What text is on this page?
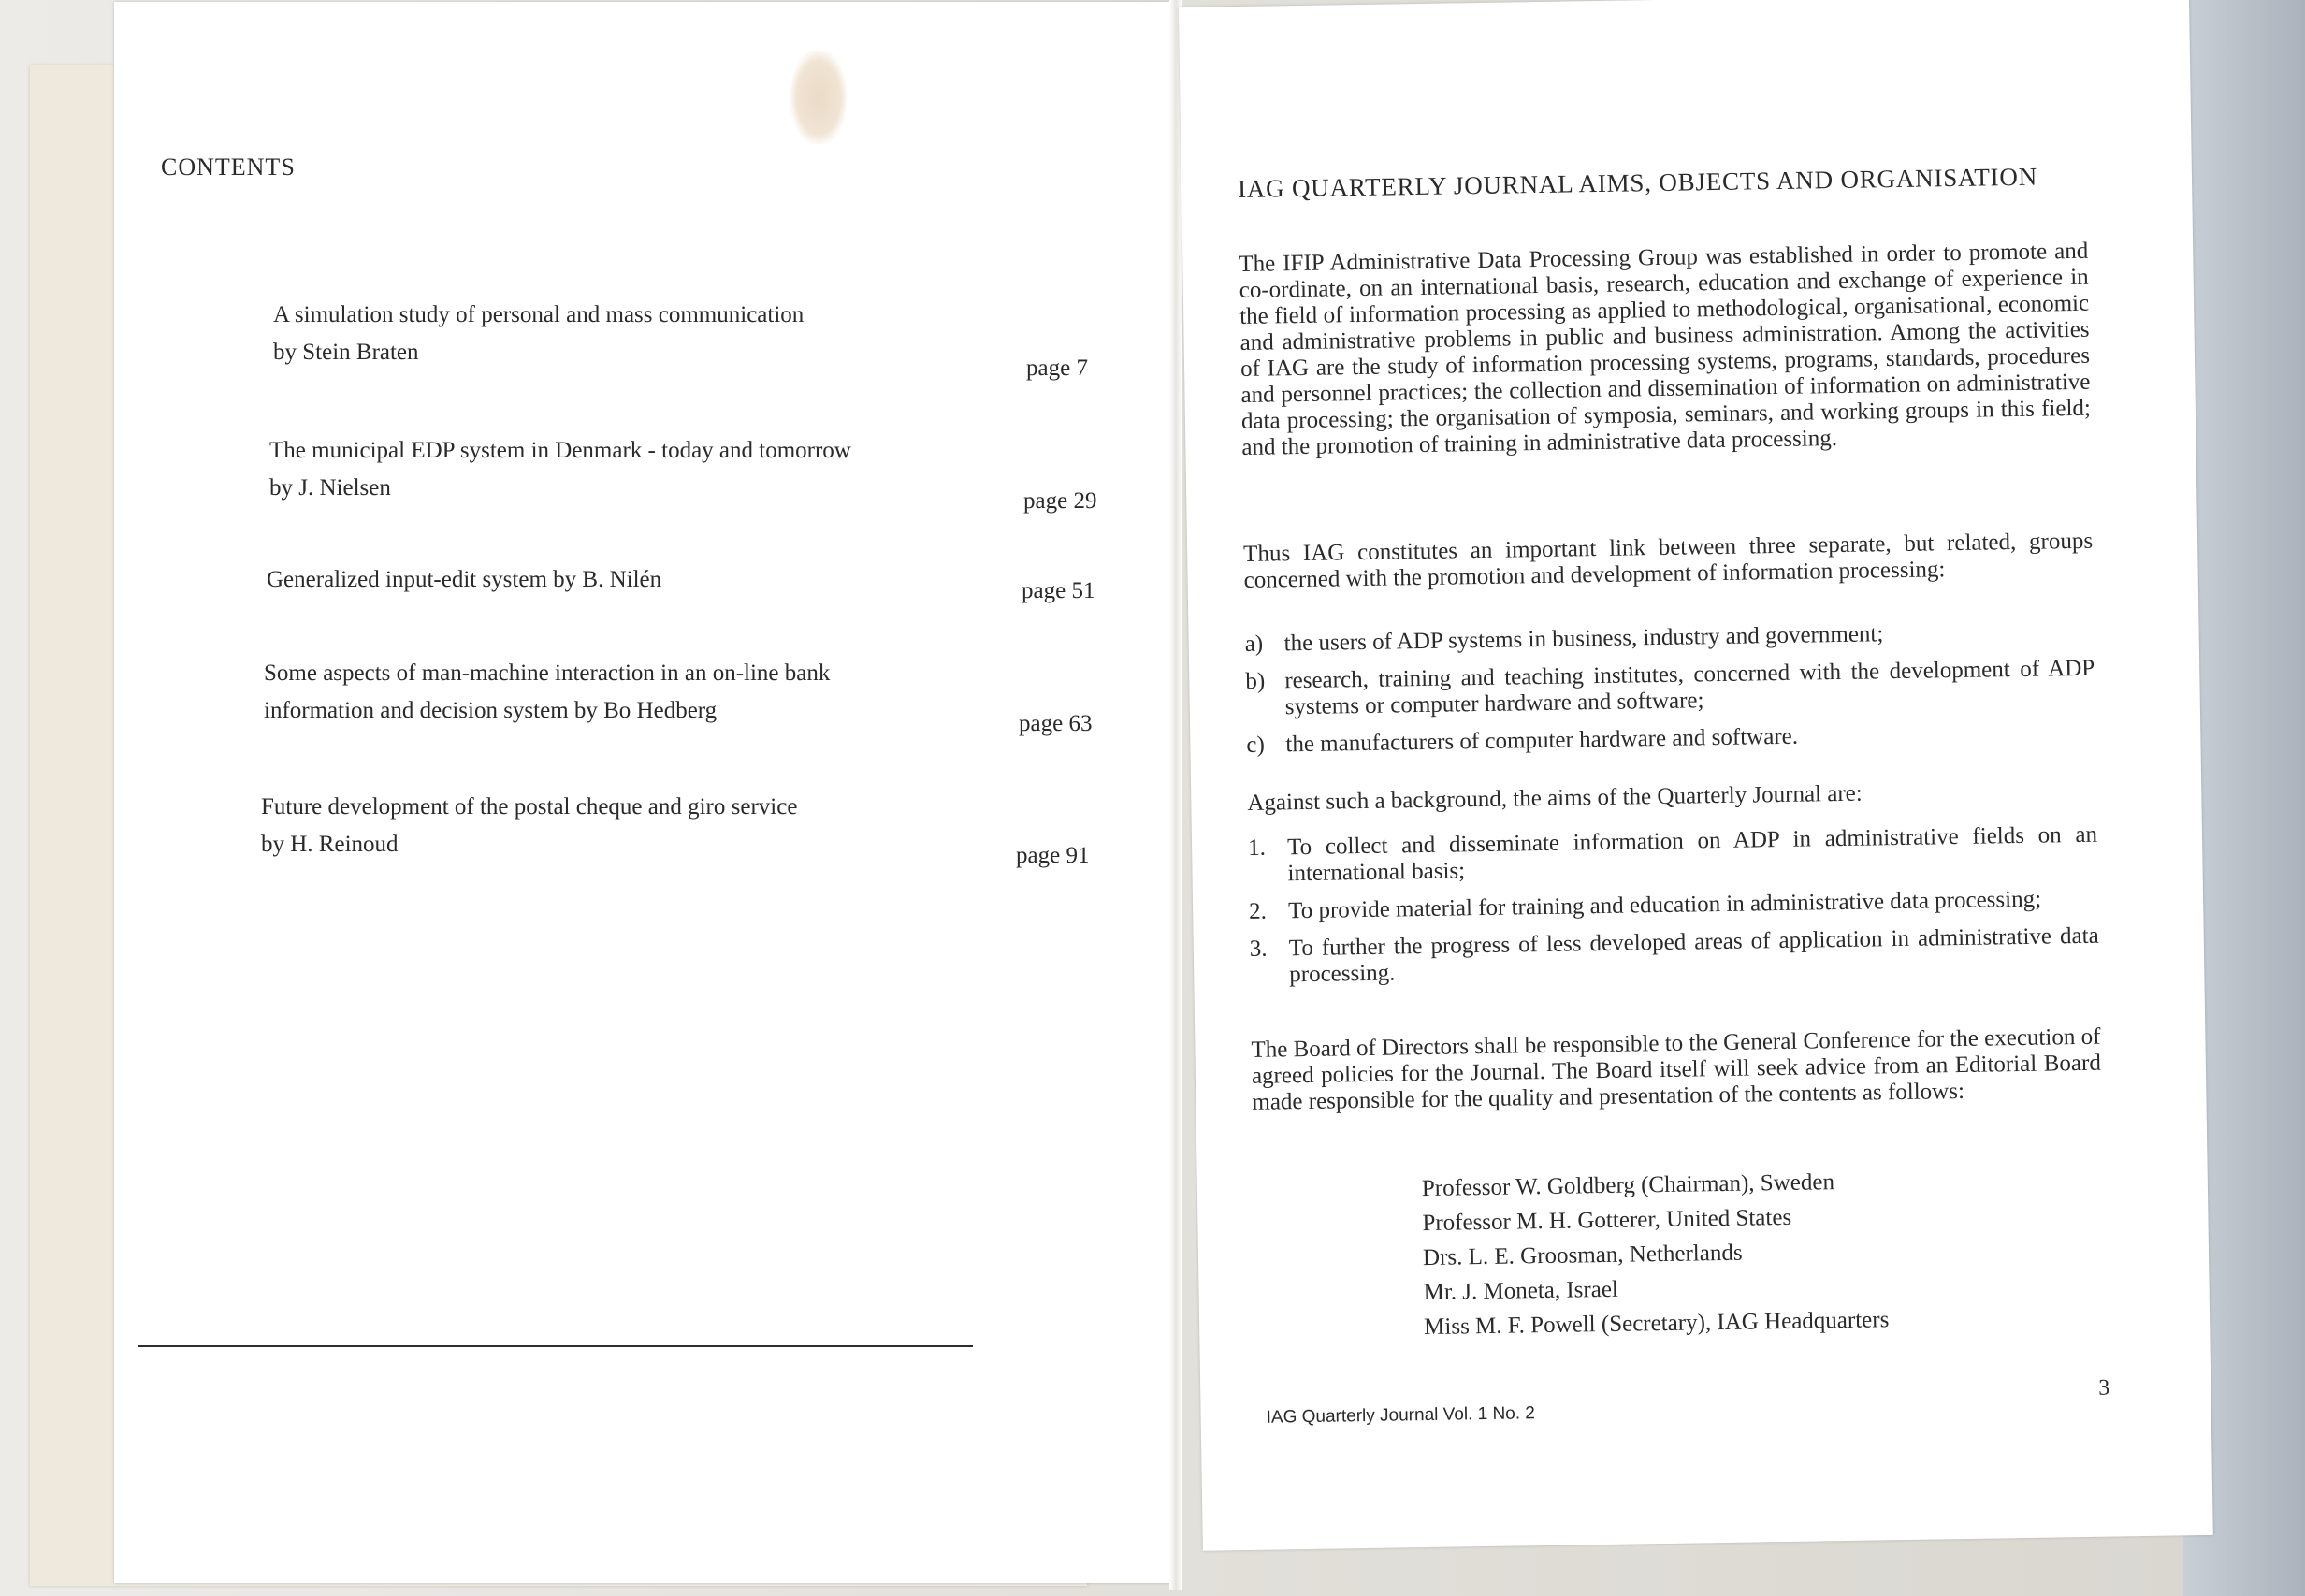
CONTENTS
A simulation study of personal and mass communication
by Stein Braten
page 7
The municipal EDP system in Denmark - today and tomorrow
by J. Nielsen
page 29
Generalized input-edit system by B. Nilén	page 51
Some aspects of man-machine interaction in an on-line bank
information and decision system by Bo Hedberg
page 63
Future development of the postal cheque and giro service
by H. Reinoud	page 91
IAG QUARTERLY JOURNAL AIMS, OBJECTS AND ORGANISATION
The IFIP Administrative Data Processing Group was established in order to promote and co-ordinate, on an international basis, research, education and exchange of experience in the field of information processing as applied to methodological, organisational, economic and administrative problems in public and business administration. Among the activities of IAG are the study of information processing systems, programs, standards, procedures and personnel practices; the collection and dissemination of information on administrative data processing; the organisation of symposia, seminars, and working groups in this field; and the promotion of training in administrative data processing.
Thus IAG constitutes an important link between three separate, but related, groups concerned with the promotion and development of information processing:
a) the users of ADP systems in business, industry and government;
b) research, training and teaching institutes, concerned with the development of ADP systems or computer hardware and software;
c) the manufacturers of computer hardware and software.
Against such a background, the aims of the Quarterly Journal are:
1. To collect and disseminate information on ADP in administrative fields on an international basis;
2. To provide material for training and education in administrative data processing;
3. To further the progress of less developed areas of application in administrative data processing.
The Board of Directors shall be responsible to the General Conference for the execution of agreed policies for the Journal. The Board itself will seek advice from an Editorial Board made responsible for the quality and presentation of the contents as follows:
Professor W. Goldberg (Chairman), Sweden
Professor M. H. Gotterer, United States
Drs. L. E. Groosman, Netherlands
Mr. J. Moneta, Israel
Miss M. F. Powell (Secretary), IAG Headquarters
IAG Quarterly Journal Vol. 1 No. 2
3
